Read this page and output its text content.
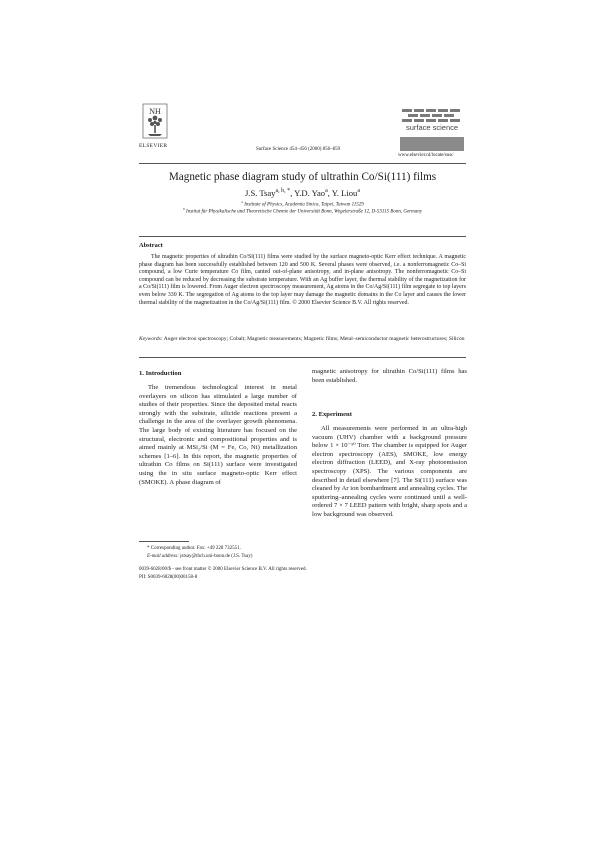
NH
ELSEVIER
surface science
Surface Science 454–456 (2000) 856–859
www.elsevier.nl/locate/susc
Magnetic phase diagram study of ultrathin Co/Si(111) films
J.S. Tsay$^{a, b, *}$, Y.D. Yao$^a$, Y. Liou$^a$
$^a$ Institute of Physics, Academia Sinica, Taipei, Taiwan 11529
$^b$ Institut für Physikalische und Theoretische Chemie der Universität Bonn, Wegelerstraße 12, D-53115 Bonn, Germany
Abstract
The magnetic properties of ultrathin Co/Si(111) films were studied by the surface magneto-optic Kerr effect technique. A magnetic phase diagram has been successfully established between 120 and 500 K. Several phases were observed, i.e. a nonferromagnetic Co–Si compound, a low Curie temperature Co film, canted out-of-plane anisotropy, and in-plane anisotropy. The nonferromagnetic Co–Si compound can be reduced by decreasing the substrate temperature. With an Ag buffer layer, the thermal stability of the magnetization for a Co/Si(111) film is lowered. From Auger electron spectroscopy measurement, Ag atoms in the Co/Ag/Si(111) film segregate to top layers even below 330 K. The segregation of Ag atoms to the top layer may damage the magnetic domains in the Co layer and causes the lower thermal stability of the magnetization in the Co/Ag/Si(111) film. © 2000 Elsevier Science B.V. All rights reserved.
Keywords: Auger electron spectroscopy; Cobalt; Magnetic measurements; Magnetic films; Metal–semiconductor magnetic heterostructures; Silicon
1. Introduction
The tremendous technological interest in metal overlayers on silicon has stimulated a large number of studies of their properties. Since the deposited metal reacts strongly with the substrate, silicide reactions present a challenge in the area of the overlayer growth phenomena. The large body of existing literature has focused on the structural, electronic and compositional properties and is aimed mainly at MSi₂/Si (M = Fe, Co, Ni) metallization schemes [1–6]. In this report, the magnetic properties of ultrathin Co films on Si(111) surface were investigated using the in situ surface magneto-optic Kerr effect (SMOKE). A phase diagram of
magnetic anisotropy for ultrathin Co/Si(111) films has been established.
2. Experiment
All measurements were performed in an ultra-high vacuum (UHV) chamber with a background pressure below 1 × 10⁻¹⁰ Torr. The chamber is equipped for Auger electron spectroscopy (AES), SMOKE, low energy electron diffraction (LEED), and X-ray photoemission spectroscopy (XPS). The various components are described in detail elsewhere [7]. The Si(111) surface was cleaned by Ar ion bombardment and annealing cycles. The sputtering–annealing cycles were continued until a well-ordered 7 × 7 LEED pattern with bright, sharp spots and a low background was observed.
* Corresponding author. Fax: +49 228 732551.
E-mail address: jstsay@thch.uni-bonn.de (J.S. Tsay)
0039-6028/00/$ - see front matter © 2000 Elsevier Science B.V. All rights reserved.
PII: S0039-6028(00)00158-8
